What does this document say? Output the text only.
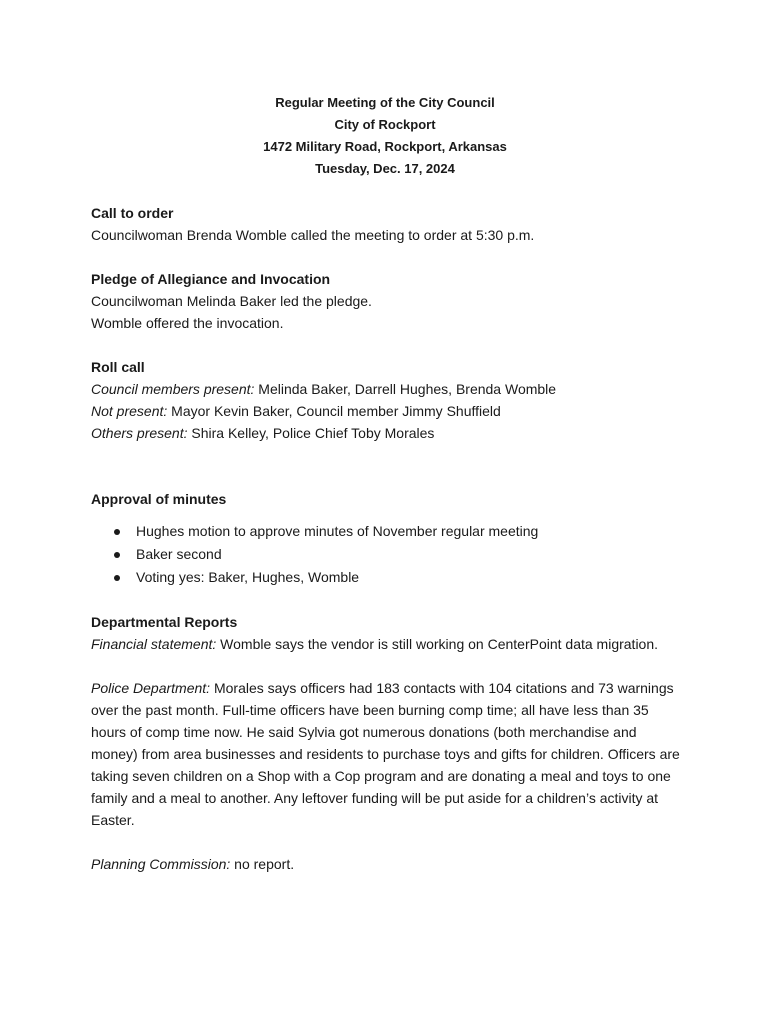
Regular Meeting of the City Council
City of Rockport
1472 Military Road, Rockport, Arkansas
Tuesday, Dec. 17, 2024
Call to order
Councilwoman Brenda Womble called the meeting to order at 5:30 p.m.
Pledge of Allegiance and Invocation
Councilwoman Melinda Baker led the pledge.
Womble offered the invocation.
Roll call
Council members present: Melinda Baker, Darrell Hughes, Brenda Womble
Not present: Mayor Kevin Baker, Council member Jimmy Shuffield
Others present: Shira Kelley, Police Chief Toby Morales
Approval of minutes
Hughes motion to approve minutes of November regular meeting
Baker second
Voting yes: Baker, Hughes, Womble
Departmental Reports
Financial statement: Womble says the vendor is still working on CenterPoint data migration.
Police Department: Morales says officers had 183 contacts with 104 citations and 73 warnings over the past month. Full-time officers have been burning comp time; all have less than 35 hours of comp time now. He said Sylvia got numerous donations (both merchandise and money) from area businesses and residents to purchase toys and gifts for children. Officers are taking seven children on a Shop with a Cop program and are donating a meal and toys to one family and a meal to another. Any leftover funding will be put aside for a children’s activity at Easter.
Planning Commission: no report.
